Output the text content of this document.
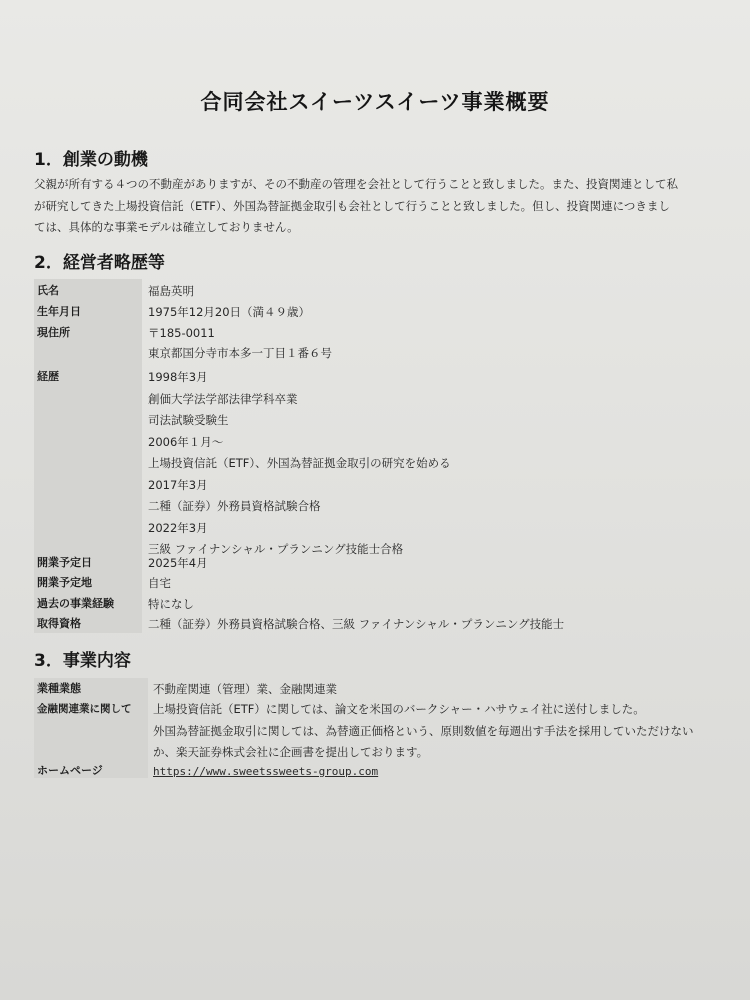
合同会社スイーツスイーツ事業概要
1．創業の動機
父親が所有する４つの不動産がありますが、その不動産の管理を会社として行うことと致しました。また、投資関連として私
が研究してきた上場投資信託（ETF）、外国為替証拠金取引も会社として行うことと致しました。但し、投資関連につきまし
ては、具体的な事業モデルは確立しておりません。
2．経営者略歴等
氏名	福島英明
生年月日	1975年12月20日（満４９歳）
現住所	〒185-0011
東京都国分寺市本多一丁目１番６号
経歴	1998年3月
創価大学法学部法律学科卒業
司法試験受験生
2006年１月～
上場投資信託（ETF）、外国為替証拠金取引の研究を始める
2017年3月
二種（証券）外務員資格試験合格
2022年3月
三級 ファイナンシャル・プランニング技能士合格
開業予定日	2025年4月
開業予定地	自宅
過去の事業経験	特になし
取得資格	二種（証券）外務員資格試験合格、三級 ファイナンシャル・プランニング技能士
3．事業内容
業種業態	不動産関連（管理）業、金融関連業
金融関連業に関して	上場投資信託（ETF）に関しては、論文を米国のバークシャー・ハサウェイ社に送付しました。
外国為替証拠金取引に関しては、為替適正価格という、原則数値を毎週出す手法を採用していただけない
か、楽天証券株式会社に企画書を提出しております。
ホームページ	https://www.sweetssweets-group.com
